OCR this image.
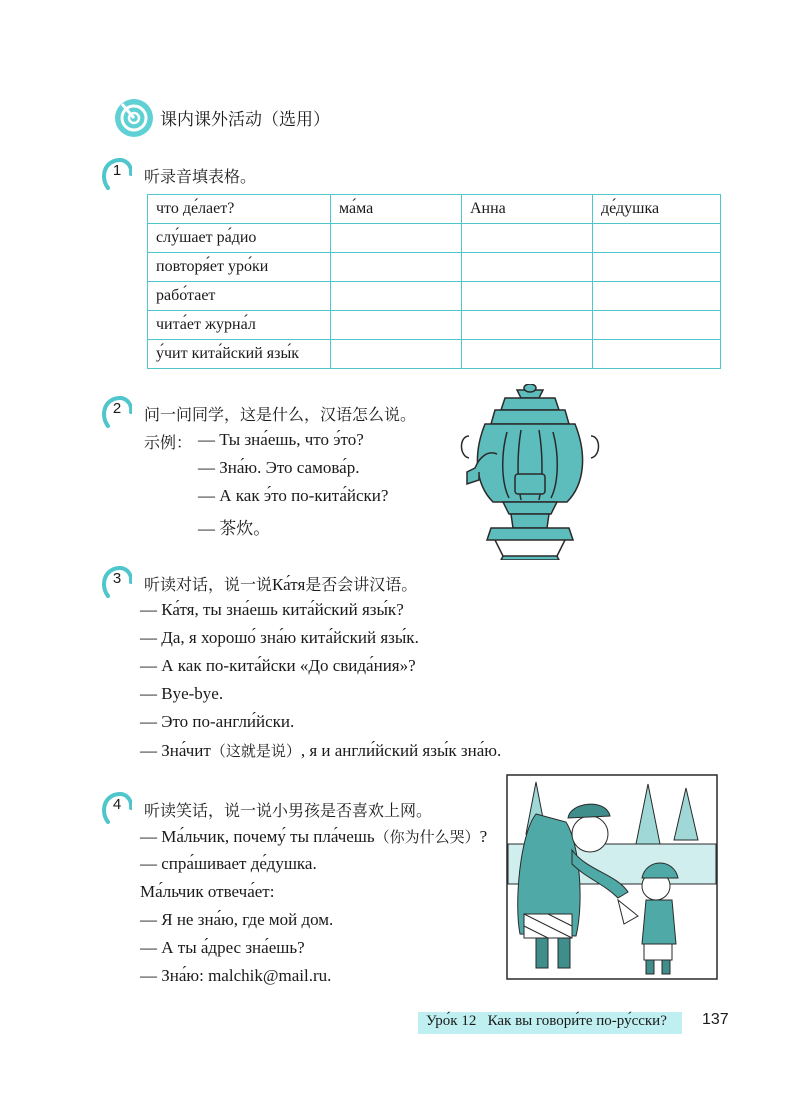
课内课外活动（选用）
1	听录音填表格。
что де́лает?	ма́ма	Анна	де́душка
слу́шает ра́дио			
повторя́ет уро́ки			
рабо́тает			
чита́ет журна́л			
у́чит кита́йский язы́к			
2	问一问同学，这是什么，汉语怎么说。
示例： — Ты зна́ешь, что э́то?
— Зна́ю. Это самова́р.
— А как э́то по-кита́йски?
— 茶炊。
3	听读对话，说一说Ка́тя是否会讲汉语。
— Ка́тя, ты зна́ешь кита́йский язы́к?
— Да, я хорошо́ зна́ю кита́йский язы́к.
— А как по-кита́йски «До свида́ния»?
— Bye-bye.
— Это по-англи́йски.
— Зна́чит（这就是说）, я и англи́йский язы́к зна́ю.
4	听读笑话，说一说小男孩是否喜欢上网。
— Ма́льчик, почему́ ты пла́чешь（你为什么哭）?
— спра́шивает де́душка.
Ма́льчик отвеча́ет:
— Я не зна́ю, где мой дом.
— А ты а́дрес зна́ешь?
— Зна́ю: malchik@mail.ru.
Уро́к 12 Как вы говори́те по-ру́сски? 137
